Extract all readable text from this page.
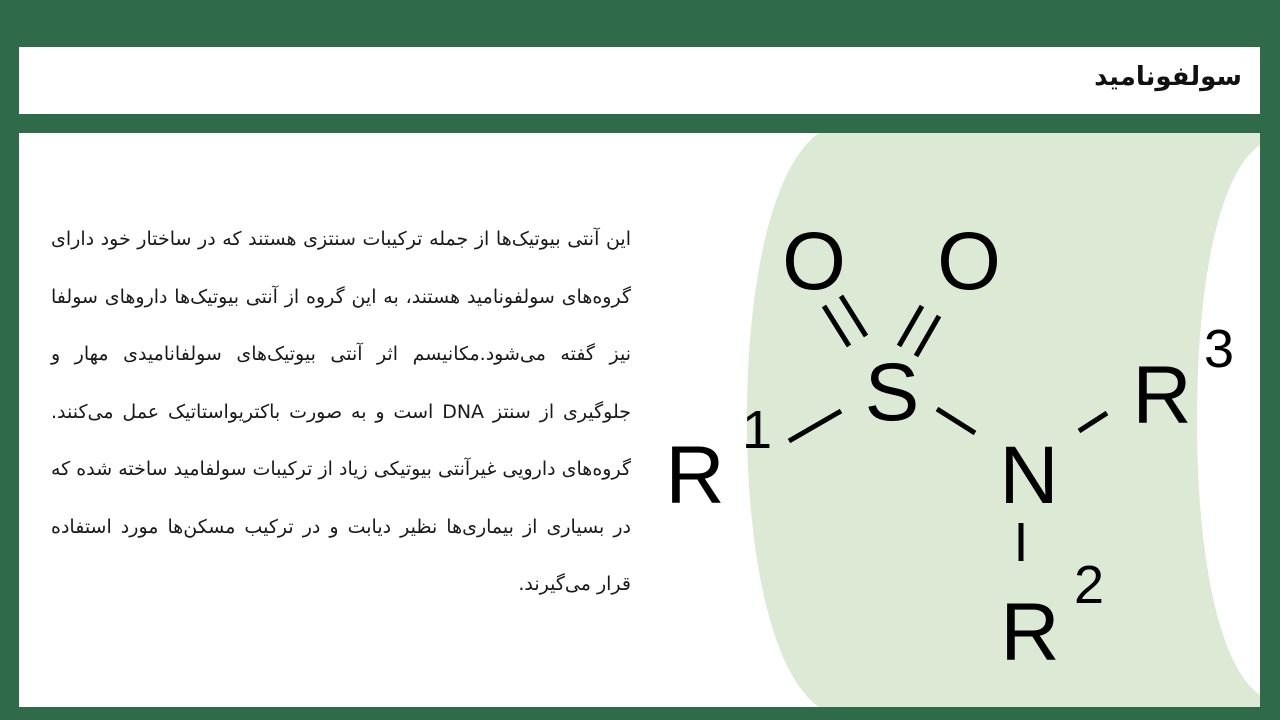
سولفونامید
O O
S
N
R 1
R
2
R
3
این آنتی بیوتیک‌ها از جمله ترکیبات سنتزی هستند که در ساختار خود دارای گروه‌های سولفونامید هستند، به این گروه از آنتی بیوتیک‌ها داروهای سولفا نیز گفته می‌شود.مکانیسم اثر آنتی بیوتیک‌های سولفانامیدی مهار و جلوگیری از سنتز DNA است و به صورت باکتریواستاتیک عمل می‌کنند. گروه‌های دارویی غیرآنتی بیوتیکی زیاد از ترکیبات سولفامید ساخته شده که در بسیاری از بیماری‌ها نظیر دیابت و در ترکیب مسکن‌ها مورد استفاده قرار می‌گیرند.
